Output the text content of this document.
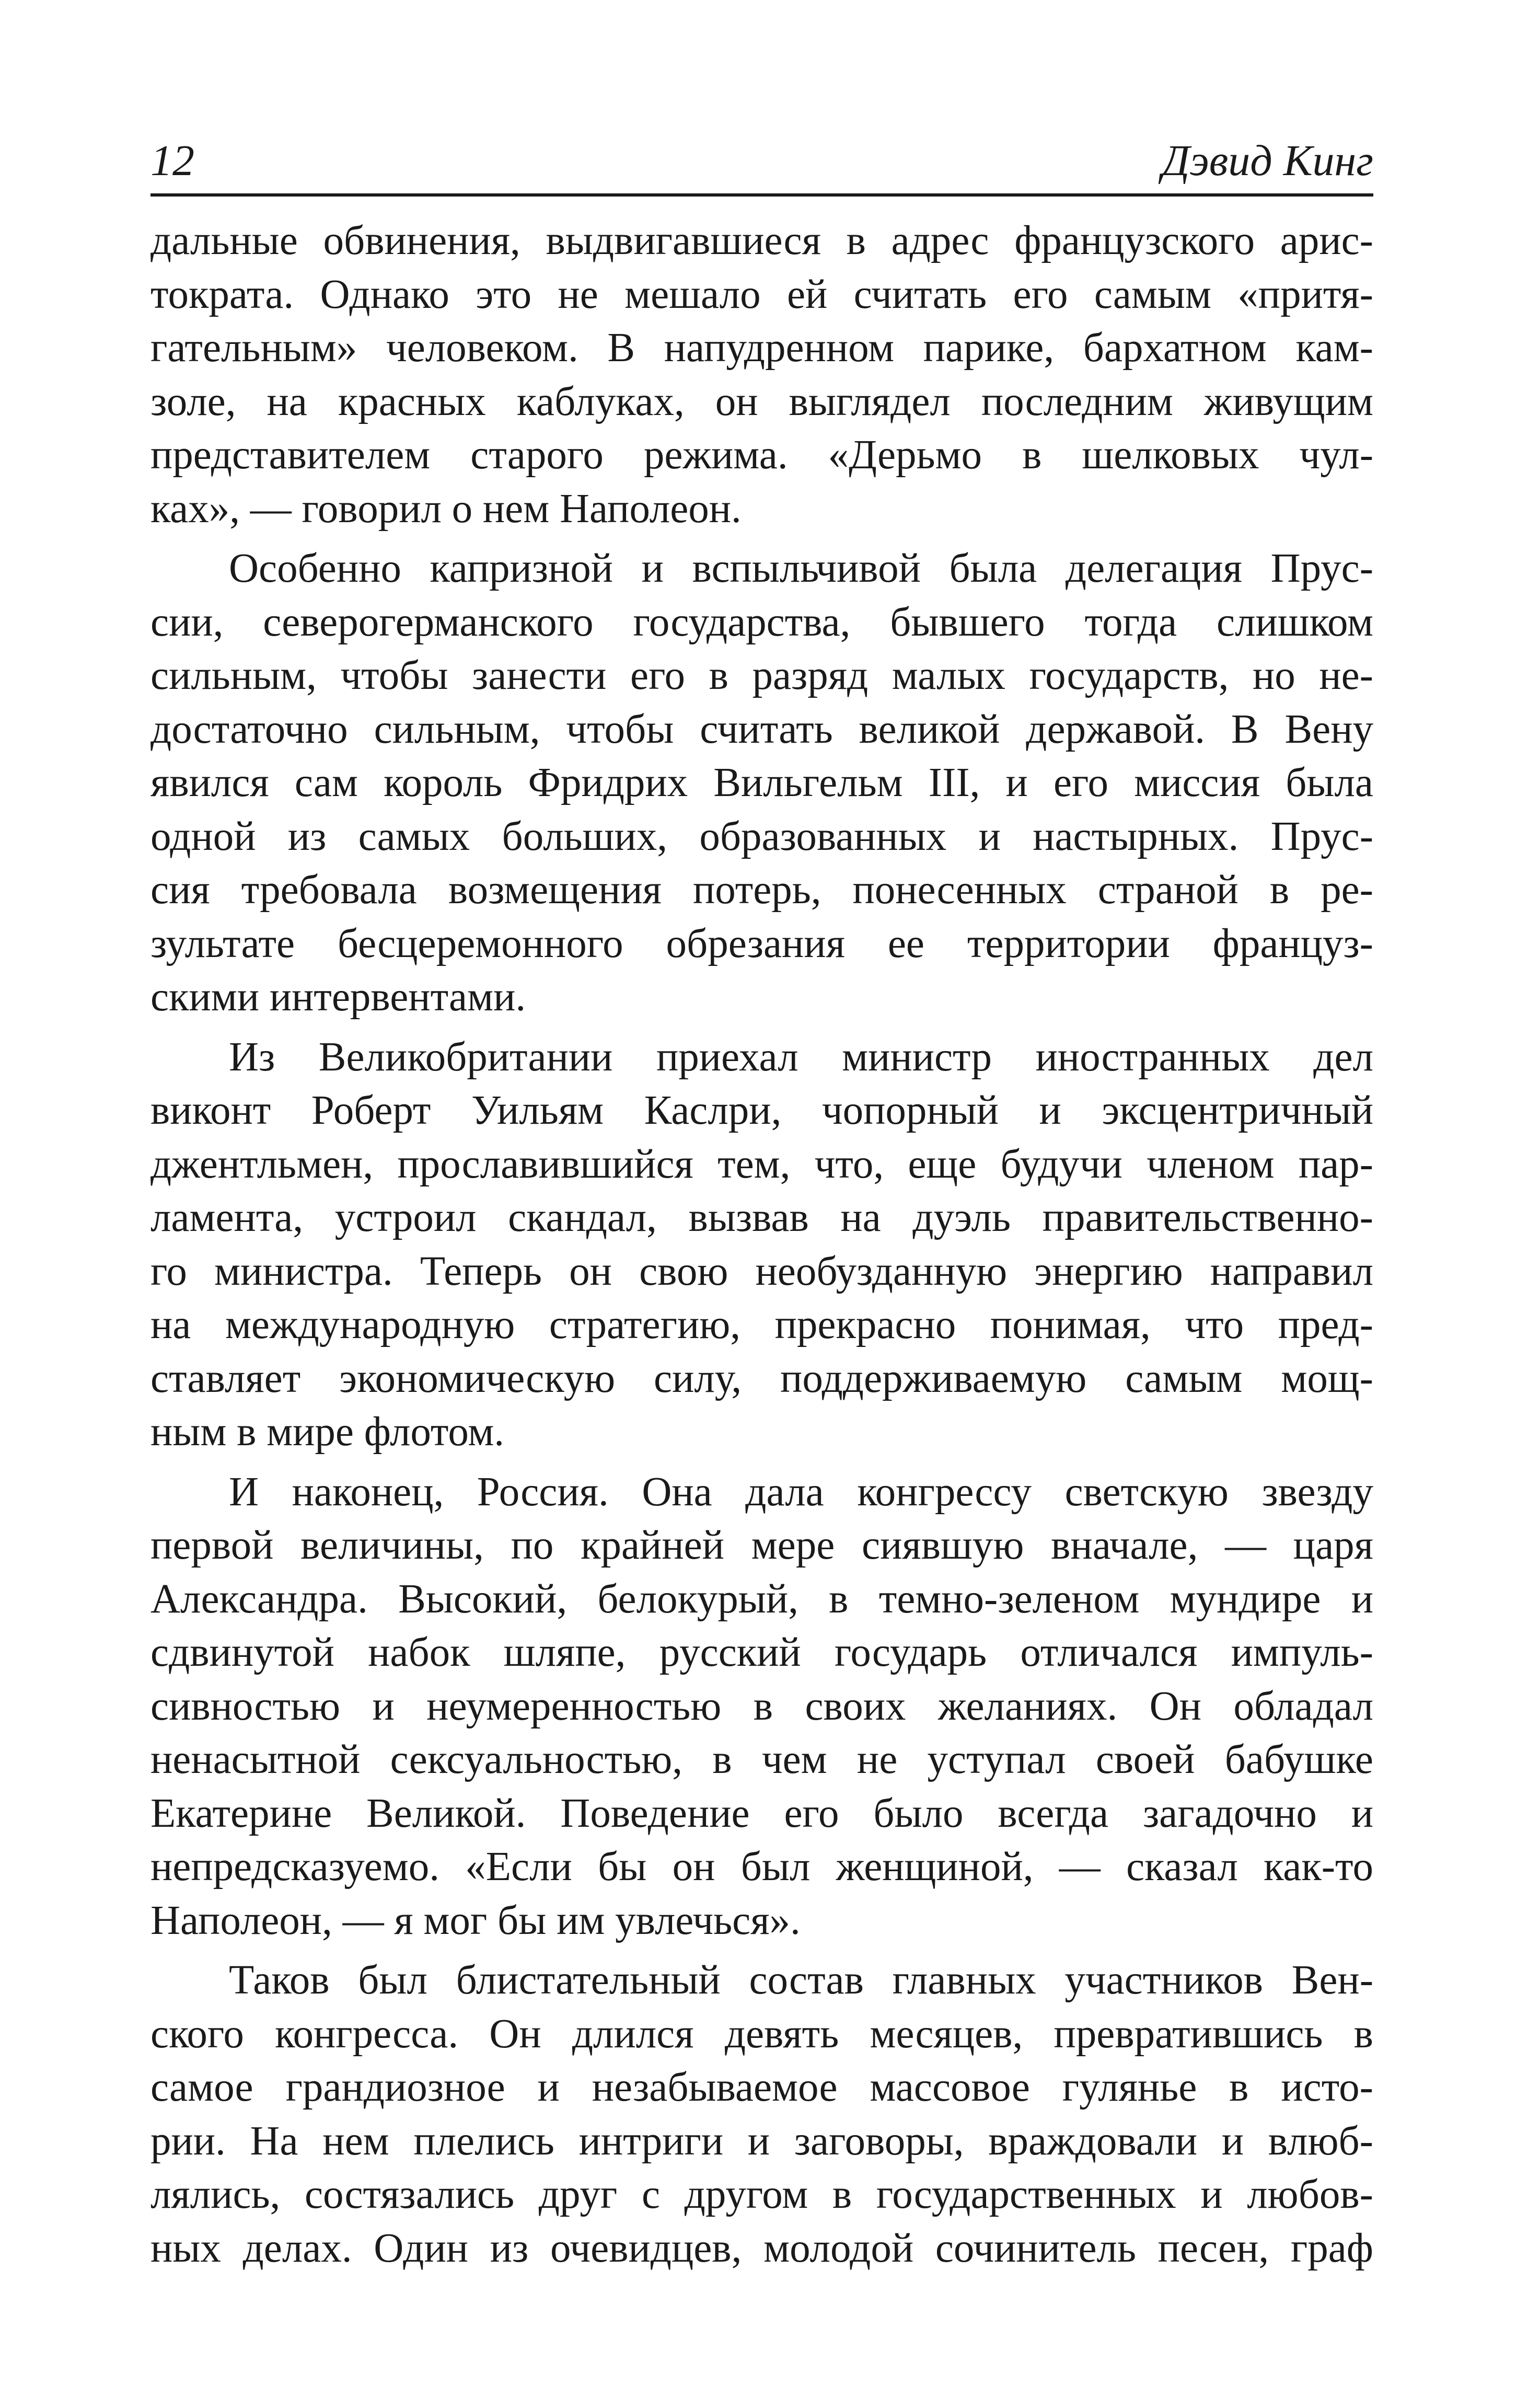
12	Дэвид Кинг
дальные обвинения, выдвигавшиеся в адрес французского арис-
тократа. Однако это не мешало ей считать его самым «притя-
гательным» человеком. В напудренном парике, бархатном кам-
золе, на красных каблуках, он выглядел последним живущим
представителем старого режима. «Дерьмо в шелковых чул-
ках», — говорил о нем Наполеон.
Особенно капризной и вспыльчивой была делегация Прус-
сии, северогерманского государства, бывшего тогда слишком
сильным, чтобы занести его в разряд малых государств, но не-
достаточно сильным, чтобы считать великой державой. В Вену
явился сам король Фридрих Вильгельм III, и его миссия была
одной из самых больших, образованных и настырных. Прус-
сия требовала возмещения потерь, понесенных страной в ре-
зультате бесцеремонного обрезания ее территории француз-
скими интервентами.
Из Великобритании приехал министр иностранных дел
виконт Роберт Уильям Каслри, чопорный и эксцентричный
джентльмен, прославившийся тем, что, еще будучи членом пар-
ламента, устроил скандал, вызвав на дуэль правительственно-
го министра. Теперь он свою необузданную энергию направил
на международную стратегию, прекрасно понимая, что пред-
ставляет экономическую силу, поддерживаемую самым мощ-
ным в мире флотом.
И наконец, Россия. Она дала конгрессу светскую звезду
первой величины, по крайней мере сиявшую вначале, — царя
Александра. Высокий, белокурый, в темно-зеленом мундире и
сдвинутой набок шляпе, русский государь отличался импуль-
сивностью и неумеренностью в своих желаниях. Он обладал
ненасытной сексуальностью, в чем не уступал своей бабушке
Екатерине Великой. Поведение его было всегда загадочно и
непредсказуемо. «Если бы он был женщиной, — сказал как-то
Наполеон, — я мог бы им увлечься».
Таков был блистательный состав главных участников Вен-
ского конгресса. Он длился девять месяцев, превратившись в
самое грандиозное и незабываемое массовое гулянье в исто-
рии. На нем плелись интриги и заговоры, враждовали и влюб-
лялись, состязались друг с другом в государственных и любов-
ных делах. Один из очевидцев, молодой сочинитель песен, граф
